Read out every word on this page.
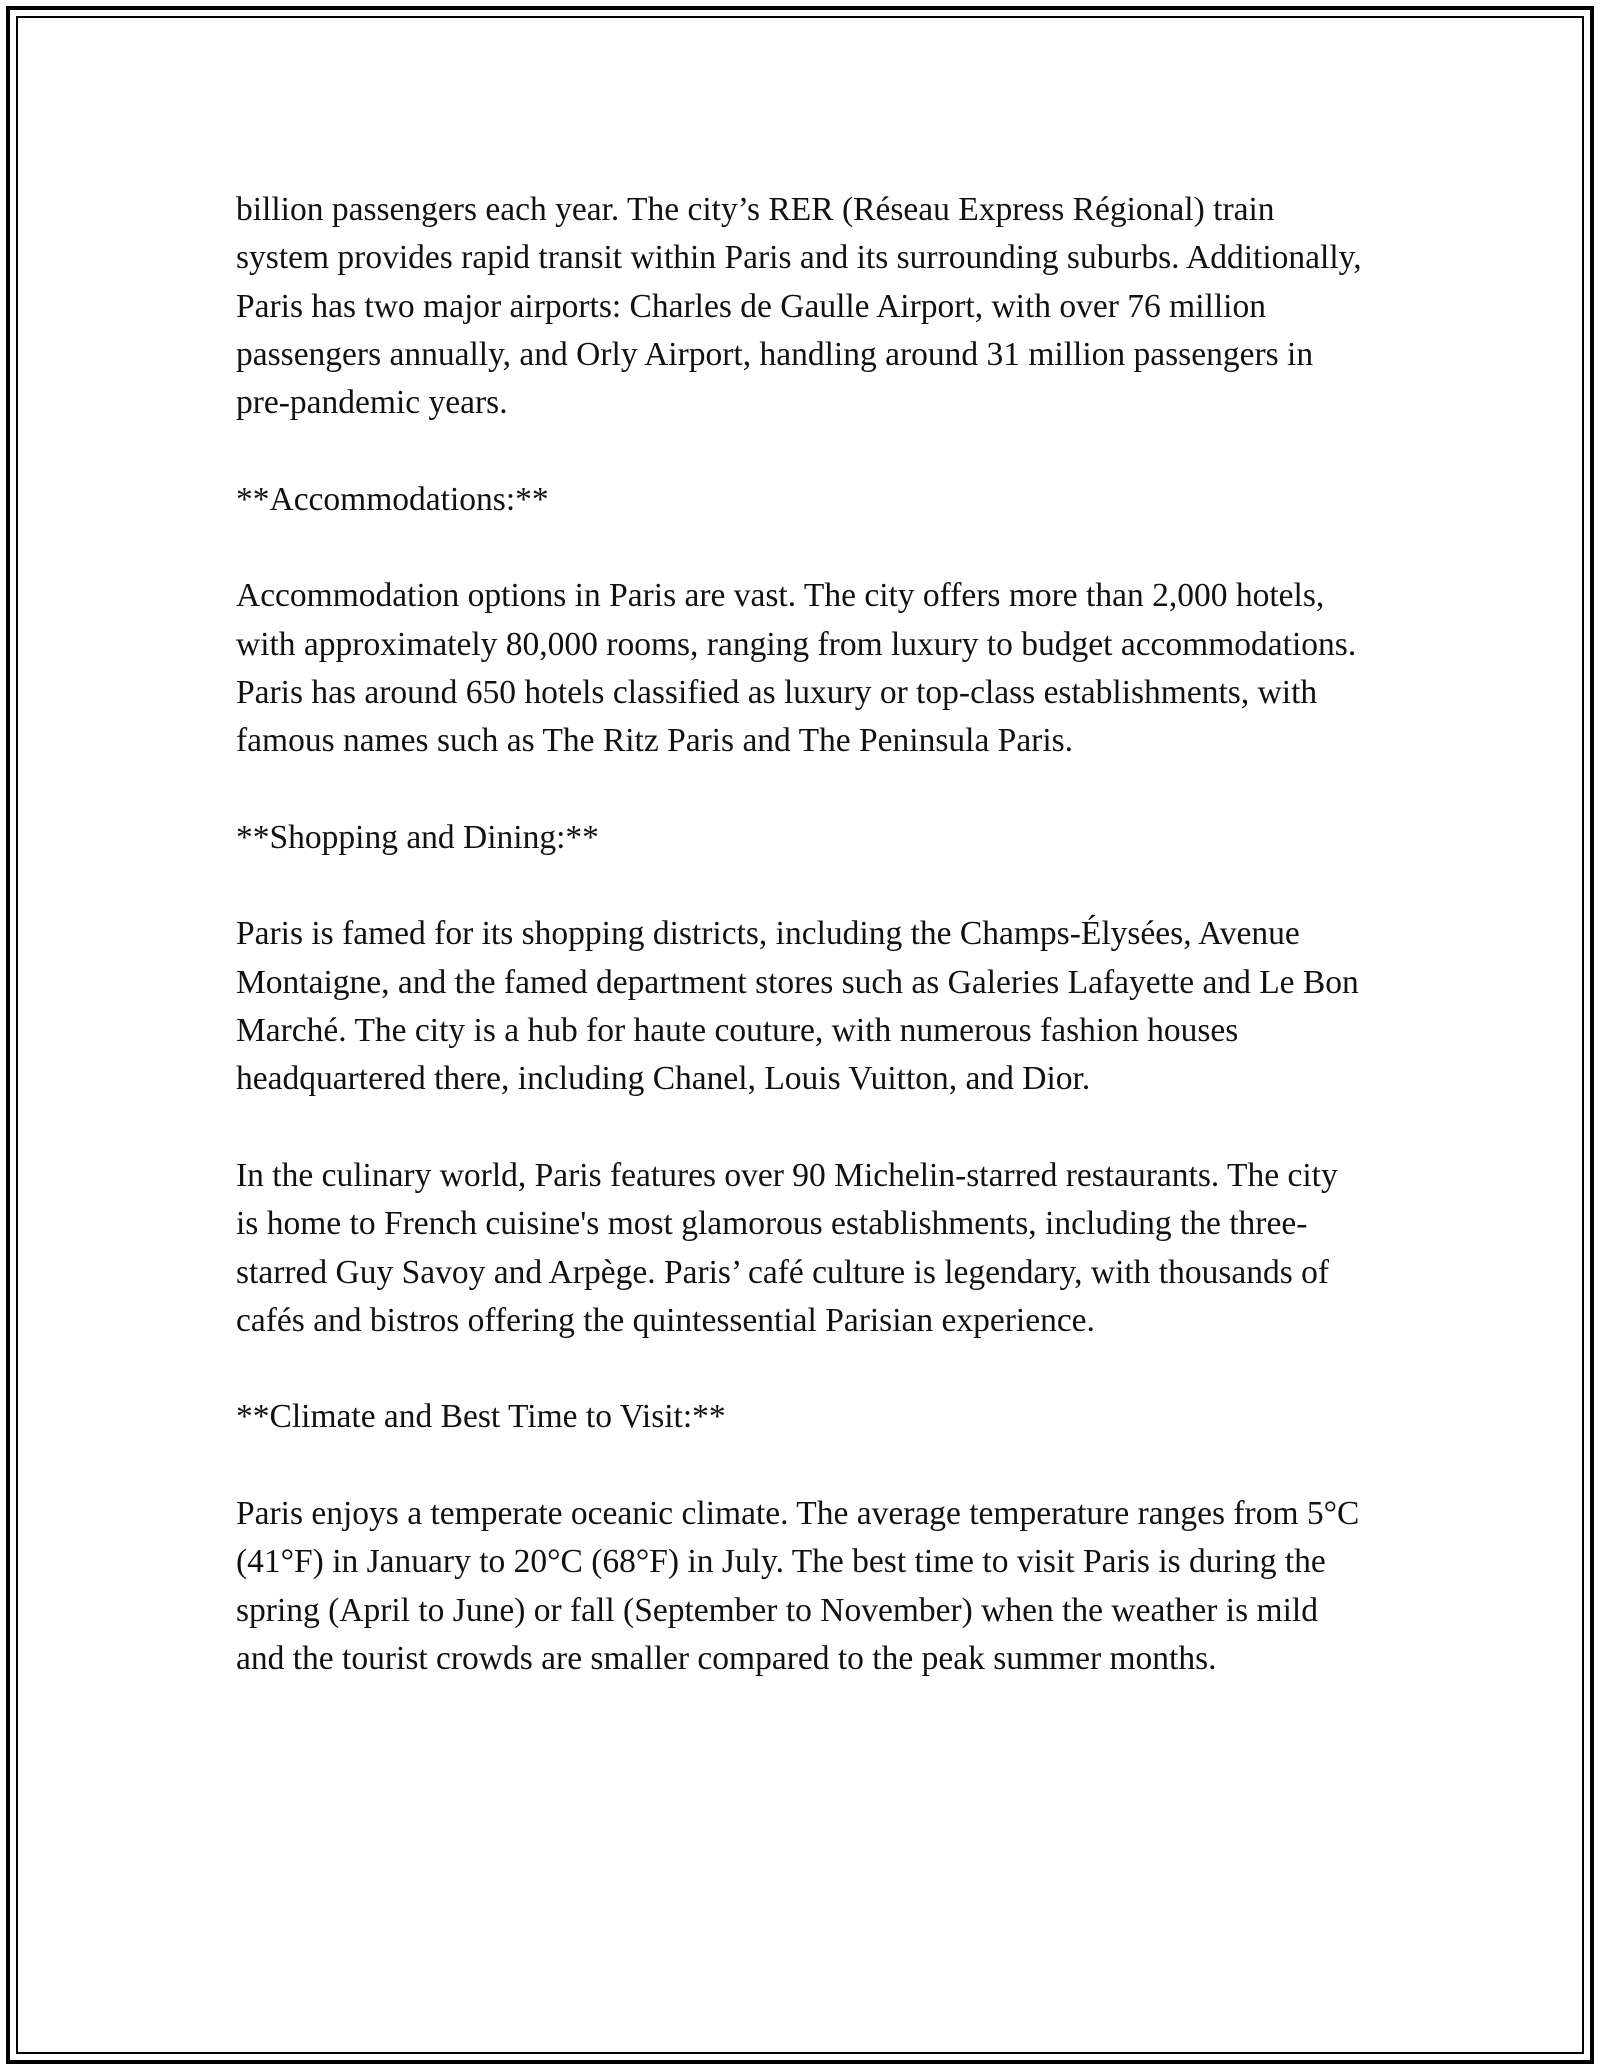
billion passengers each year. The city’s RER (Réseau Express Régional) train system provides rapid transit within Paris and its surrounding suburbs. Additionally, Paris has two major airports: Charles de Gaulle Airport, with over 76 million passengers annually, and Orly Airport, handling around 31 million passengers in pre-pandemic years.

**Accommodations:**

Accommodation options in Paris are vast. The city offers more than 2,000 hotels, with approximately 80,000 rooms, ranging from luxury to budget accommodations. Paris has around 650 hotels classified as luxury or top-class establishments, with famous names such as The Ritz Paris and The Peninsula Paris.

**Shopping and Dining:**

Paris is famed for its shopping districts, including the Champs-Élysées, Avenue Montaigne, and the famed department stores such as Galeries Lafayette and Le Bon Marché. The city is a hub for haute couture, with numerous fashion houses headquartered there, including Chanel, Louis Vuitton, and Dior.

In the culinary world, Paris features over 90 Michelin-starred restaurants. The city is home to French cuisine's most glamorous establishments, including the three-starred Guy Savoy and Arpège. Paris’ café culture is legendary, with thousands of cafés and bistros offering the quintessential Parisian experience.

**Climate and Best Time to Visit:**

Paris enjoys a temperate oceanic climate. The average temperature ranges from 5°C (41°F) in January to 20°C (68°F) in July. The best time to visit Paris is during the spring (April to June) or fall (September to November) when the weather is mild and the tourist crowds are smaller compared to the peak summer months.
